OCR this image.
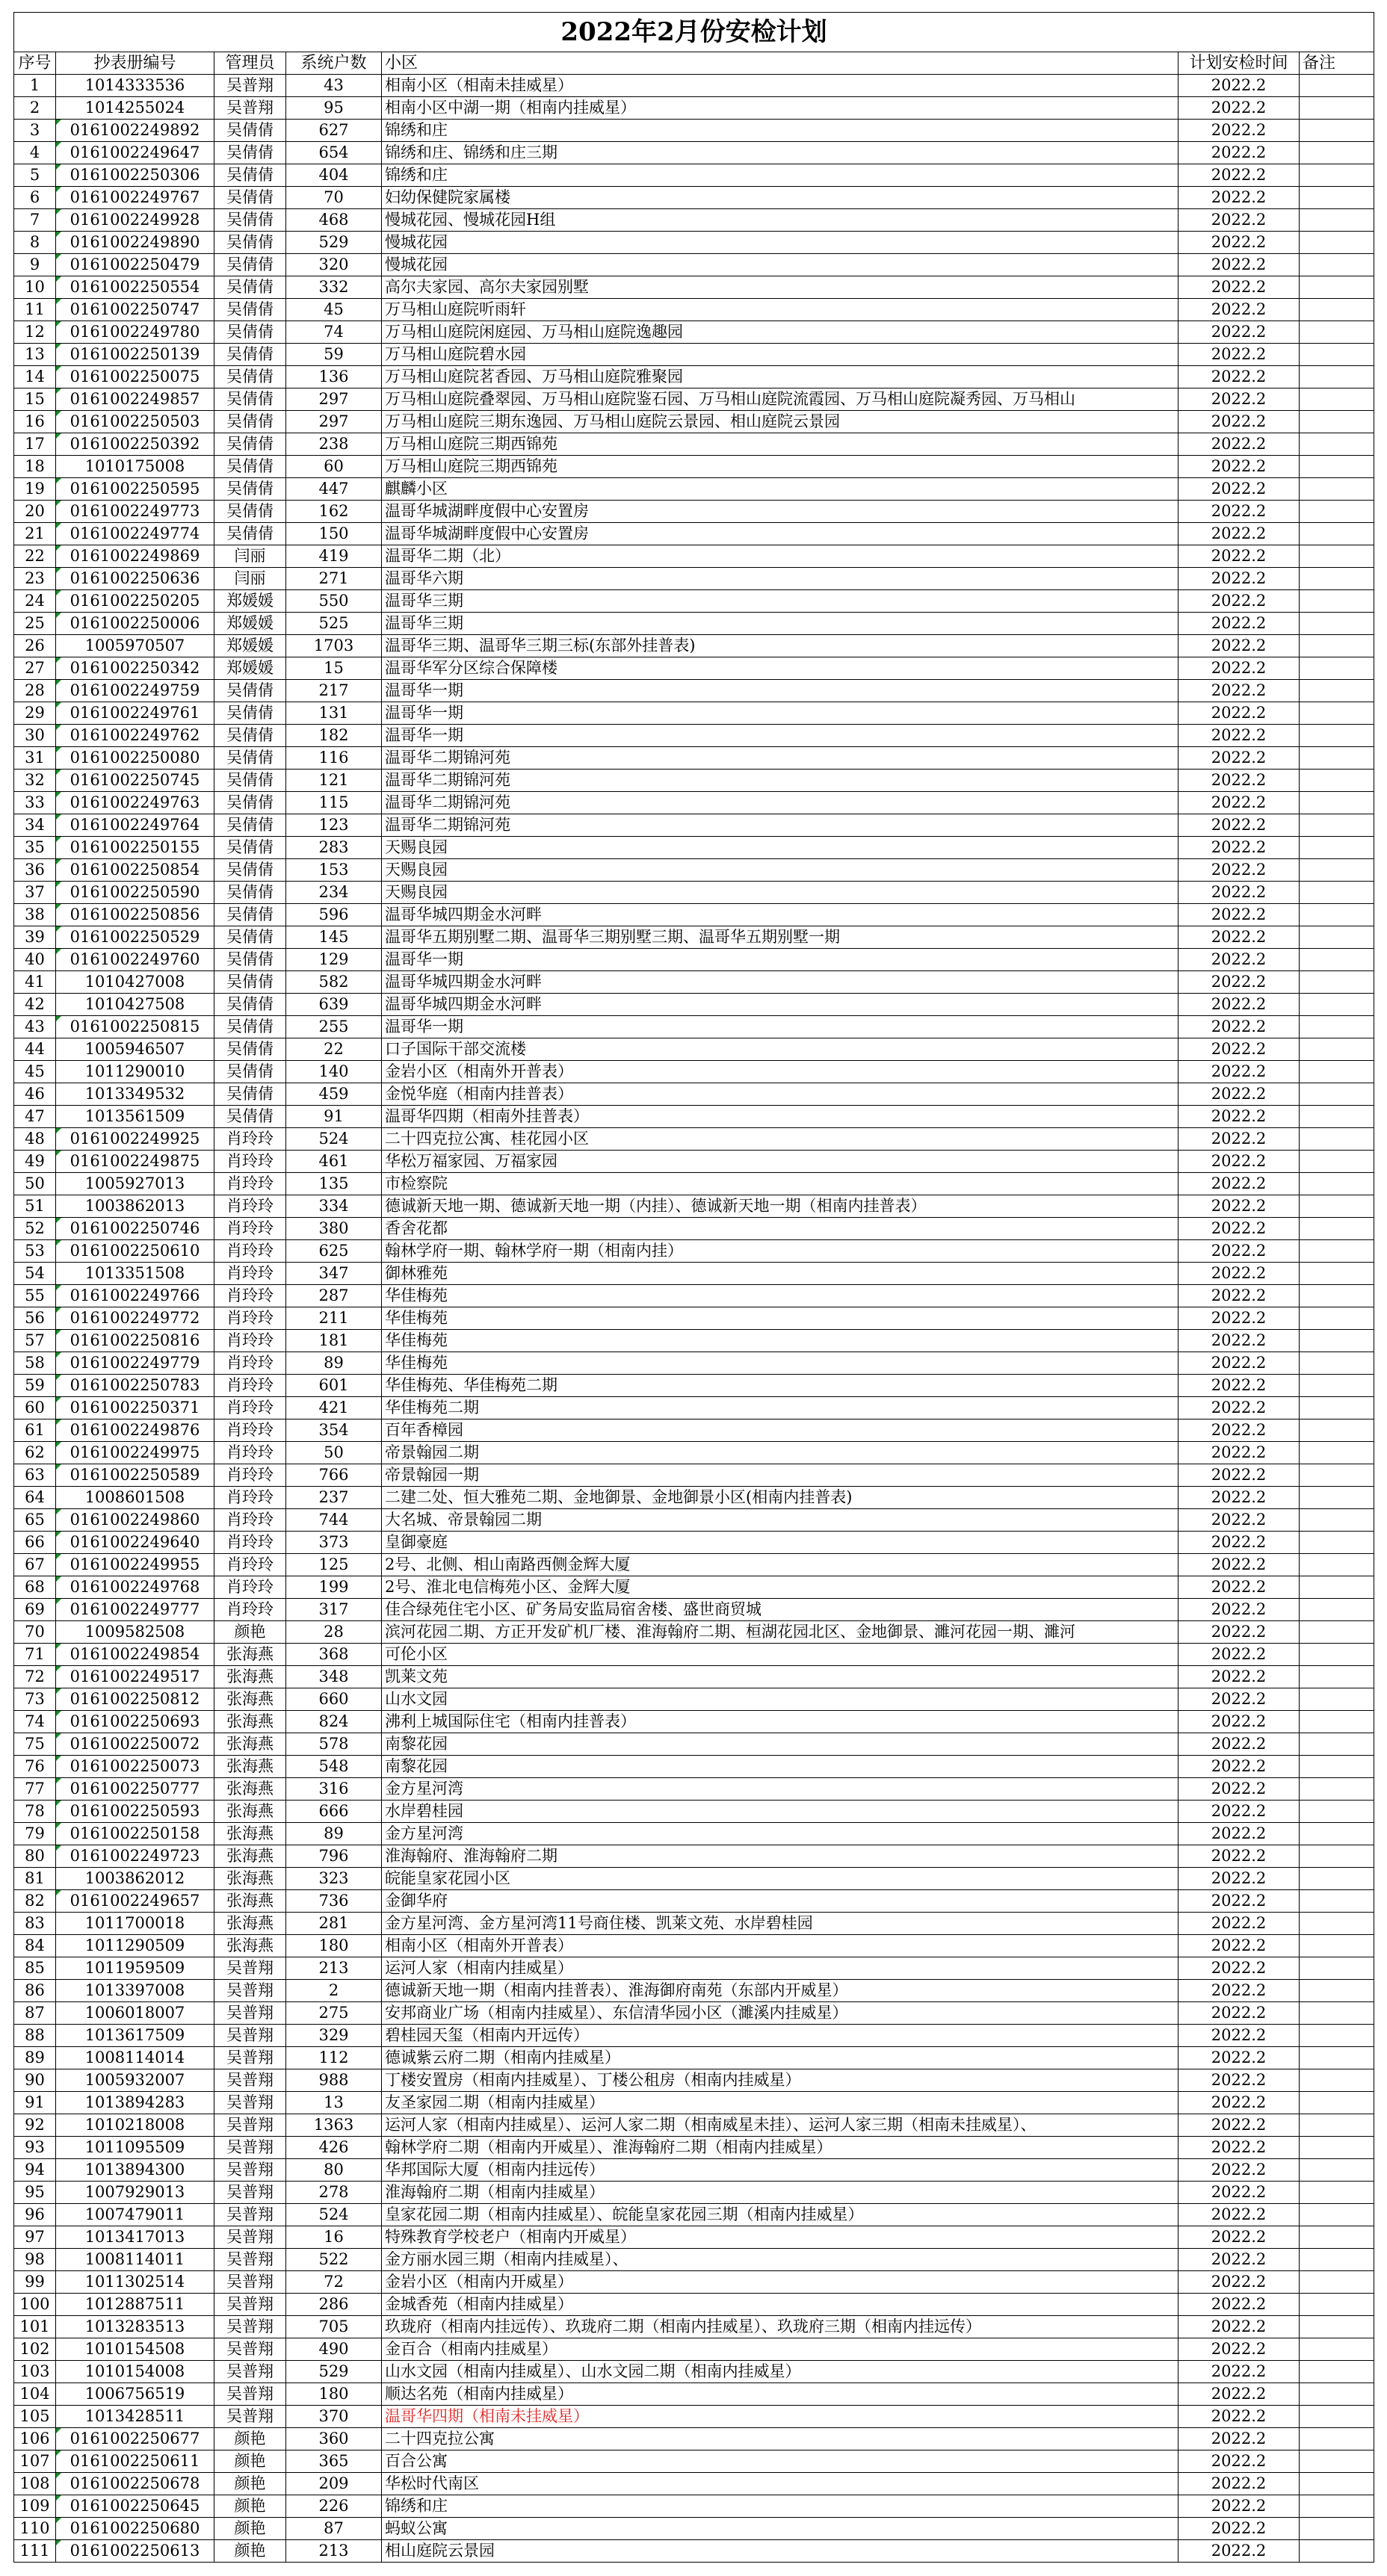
2022年2月份安检计划						
序号	抄表册编号	管理员	系统户数	小区	计划安检时间	备注
1	1014333536	吴普翔	43	相南小区（相南未挂威星）	2022.2	
2	1014255024	吴普翔	95	相南小区中湖一期（相南内挂威星）	2022.2	
3	0161002249892	吴倩倩	627	锦绣和庄	2022.2	
4	0161002249647	吴倩倩	654	锦绣和庄、锦绣和庄三期	2022.2	
5	0161002250306	吴倩倩	404	锦绣和庄	2022.2	
6	0161002249767	吴倩倩	70	妇幼保健院家属楼	2022.2	
7	0161002249928	吴倩倩	468	慢城花园、慢城花园H组	2022.2	
8	0161002249890	吴倩倩	529	慢城花园	2022.2	
9	0161002250479	吴倩倩	320	慢城花园	2022.2	
10	0161002250554	吴倩倩	332	高尔夫家园、高尔夫家园别墅	2022.2	
11	0161002250747	吴倩倩	45	万马相山庭院听雨轩	2022.2	
12	0161002249780	吴倩倩	74	万马相山庭院闲庭园、万马相山庭院逸趣园	2022.2	
13	0161002250139	吴倩倩	59	万马相山庭院碧水园	2022.2	
14	0161002250075	吴倩倩	136	万马相山庭院茗香园、万马相山庭院雅聚园	2022.2	
15	0161002249857	吴倩倩	297	万马相山庭院叠翠园、万马相山庭院鉴石园、万马相山庭院流霞园、万马相山庭院凝秀园、万马相山	2022.2	
16	0161002250503	吴倩倩	297	万马相山庭院三期东逸园、万马相山庭院云景园、相山庭院云景园	2022.2	
17	0161002250392	吴倩倩	238	万马相山庭院三期西锦苑	2022.2	
18	1010175008	吴倩倩	60	万马相山庭院三期西锦苑	2022.2	
19	0161002250595	吴倩倩	447	麒麟小区	2022.2	
20	0161002249773	吴倩倩	162	温哥华城湖畔度假中心安置房	2022.2	
21	0161002249774	吴倩倩	150	温哥华城湖畔度假中心安置房	2022.2	
22	0161002249869	闫丽	419	温哥华二期（北）	2022.2	
23	0161002250636	闫丽	271	温哥华六期	2022.2	
24	0161002250205	郑媛媛	550	温哥华三期	2022.2	
25	0161002250006	郑媛媛	525	温哥华三期	2022.2	
26	1005970507	郑媛媛	1703	温哥华三期、温哥华三期三标(东部外挂普表)	2022.2	
27	0161002250342	郑媛媛	15	温哥华军分区综合保障楼	2022.2	
28	0161002249759	吴倩倩	217	温哥华一期	2022.2	
29	0161002249761	吴倩倩	131	温哥华一期	2022.2	
30	0161002249762	吴倩倩	182	温哥华一期	2022.2	
31	0161002250080	吴倩倩	116	温哥华二期锦河苑	2022.2	
32	0161002250745	吴倩倩	121	温哥华二期锦河苑	2022.2	
33	0161002249763	吴倩倩	115	温哥华二期锦河苑	2022.2	
34	0161002249764	吴倩倩	123	温哥华二期锦河苑	2022.2	
35	0161002250155	吴倩倩	283	天赐良园	2022.2	
36	0161002250854	吴倩倩	153	天赐良园	2022.2	
37	0161002250590	吴倩倩	234	天赐良园	2022.2	
38	0161002250856	吴倩倩	596	温哥华城四期金水河畔	2022.2	
39	0161002250529	吴倩倩	145	温哥华五期别墅二期、温哥华三期别墅三期、温哥华五期别墅一期	2022.2	
40	0161002249760	吴倩倩	129	温哥华一期	2022.2	
41	1010427008	吴倩倩	582	温哥华城四期金水河畔	2022.2	
42	1010427508	吴倩倩	639	温哥华城四期金水河畔	2022.2	
43	0161002250815	吴倩倩	255	温哥华一期	2022.2	
44	1005946507	吴倩倩	22	口子国际干部交流楼	2022.2	
45	1011290010	吴倩倩	140	金岩小区（相南外开普表）	2022.2	
46	1013349532	吴倩倩	459	金悦华庭（相南内挂普表）	2022.2	
47	1013561509	吴倩倩	91	温哥华四期（相南外挂普表）	2022.2	
48	0161002249925	肖玲玲	524	二十四克拉公寓、桂花园小区	2022.2	
49	0161002249875	肖玲玲	461	华松万福家园、万福家园	2022.2	
50	1005927013	肖玲玲	135	市检察院	2022.2	
51	1003862013	肖玲玲	334	德诚新天地一期、德诚新天地一期（内挂）、德诚新天地一期（相南内挂普表）	2022.2	
52	0161002250746	肖玲玲	380	香舍花都	2022.2	
53	0161002250610	肖玲玲	625	翰林学府一期、翰林学府一期（相南内挂）	2022.2	
54	1013351508	肖玲玲	347	御林雅苑	2022.2	
55	0161002249766	肖玲玲	287	华佳梅苑	2022.2	
56	0161002249772	肖玲玲	211	华佳梅苑	2022.2	
57	0161002250816	肖玲玲	181	华佳梅苑	2022.2	
58	0161002249779	肖玲玲	89	华佳梅苑	2022.2	
59	0161002250783	肖玲玲	601	华佳梅苑、华佳梅苑二期	2022.2	
60	0161002250371	肖玲玲	421	华佳梅苑二期	2022.2	
61	0161002249876	肖玲玲	354	百年香樟园	2022.2	
62	0161002249975	肖玲玲	50	帝景翰园二期	2022.2	
63	0161002250589	肖玲玲	766	帝景翰园一期	2022.2	
64	1008601508	肖玲玲	237	二建二处、恒大雅苑二期、金地御景、金地御景小区(相南内挂普表)	2022.2	
65	0161002249860	肖玲玲	744	大名城、帝景翰园二期	2022.2	
66	0161002249640	肖玲玲	373	皇御豪庭	2022.2	
67	0161002249955	肖玲玲	125	2号、北侧、相山南路西侧金辉大厦	2022.2	
68	0161002249768	肖玲玲	199	2号、淮北电信梅苑小区、金辉大厦	2022.2	
69	0161002249777	肖玲玲	317	佳合绿苑住宅小区、矿务局安监局宿舍楼、盛世商贸城	2022.2	
70	1009582508	颜艳	28	滨河花园二期、方正开发矿机厂楼、淮海翰府二期、桓湖花园北区、金地御景、濉河花园一期、濉河	2022.2	
71	0161002249854	张海燕	368	可伦小区	2022.2	
72	0161002249517	张海燕	348	凯莱文苑	2022.2	
73	0161002250812	张海燕	660	山水文园	2022.2	
74	0161002250693	张海燕	824	沸利上城国际住宅（相南内挂普表）	2022.2	
75	0161002250072	张海燕	578	南黎花园	2022.2	
76	0161002250073	张海燕	548	南黎花园	2022.2	
77	0161002250777	张海燕	316	金方星河湾	2022.2	
78	0161002250593	张海燕	666	水岸碧桂园	2022.2	
79	0161002250158	张海燕	89	金方星河湾	2022.2	
80	0161002249723	张海燕	796	淮海翰府、淮海翰府二期	2022.2	
81	1003862012	张海燕	323	皖能皇家花园小区	2022.2	
82	0161002249657	张海燕	736	金御华府	2022.2	
83	1011700018	张海燕	281	金方星河湾、金方星河湾11号商住楼、凯莱文苑、水岸碧桂园	2022.2	
84	1011290509	张海燕	180	相南小区（相南外开普表）	2022.2	
85	1011959509	吴普翔	213	运河人家（相南内挂威星）	2022.2	
86	1013397008	吴普翔	2	德诚新天地一期（相南内挂普表）、淮海御府南苑（东部内开威星）	2022.2	
87	1006018007	吴普翔	275	安邦商业广场（相南内挂威星）、东信清华园小区（濉溪内挂威星）	2022.2	
88	1013617509	吴普翔	329	碧桂园天玺（相南内开远传）	2022.2	
89	1008114014	吴普翔	112	德诚紫云府二期（相南内挂威星）	2022.2	
90	1005932007	吴普翔	988	丁楼安置房（相南内挂威星）、丁楼公租房（相南内挂威星）	2022.2	
91	1013894283	吴普翔	13	友圣家园二期（相南内挂威星）	2022.2	
92	1010218008	吴普翔	1363	运河人家（相南内挂威星）、运河人家二期（相南威星未挂）、运河人家三期（相南未挂威星）、	2022.2	
93	1011095509	吴普翔	426	翰林学府二期（相南内开威星）、淮海翰府二期（相南内挂威星）	2022.2	
94	1013894300	吴普翔	80	华邦国际大厦（相南内挂远传）	2022.2	
95	1007929013	吴普翔	278	淮海翰府二期（相南内挂威星）	2022.2	
96	1007479011	吴普翔	524	皇家花园二期（相南内挂威星）、皖能皇家花园三期（相南内挂威星）	2022.2	
97	1013417013	吴普翔	16	特殊教育学校老户（相南内开威星）	2022.2	
98	1008114011	吴普翔	522	金方丽水园三期（相南内挂威星）、	2022.2	
99	1011302514	吴普翔	72	金岩小区（相南内开威星）	2022.2	
100	1012887511	吴普翔	286	金城香苑（相南内挂威星）	2022.2	
101	1013283513	吴普翔	705	玖珑府（相南内挂远传）、玖珑府二期（相南内挂威星）、玖珑府三期（相南内挂远传）	2022.2	
102	1010154508	吴普翔	490	金百合（相南内挂威星）	2022.2	
103	1010154008	吴普翔	529	山水文园（相南内挂威星）、山水文园二期（相南内挂威星）	2022.2	
104	1006756519	吴普翔	180	顺达名苑（相南内挂威星）	2022.2	
105	1013428511	吴普翔	370	温哥华四期（相南未挂威星）	2022.2	
106	0161002250677	颜艳	360	二十四克拉公寓	2022.2	
107	0161002250611	颜艳	365	百合公寓	2022.2	
108	0161002250678	颜艳	209	华松时代南区	2022.2	
109	0161002250645	颜艳	226	锦绣和庄	2022.2	
110	0161002250680	颜艳	87	蚂蚁公寓	2022.2	
111	0161002250613	颜艳	213	相山庭院云景园	2022.2	
